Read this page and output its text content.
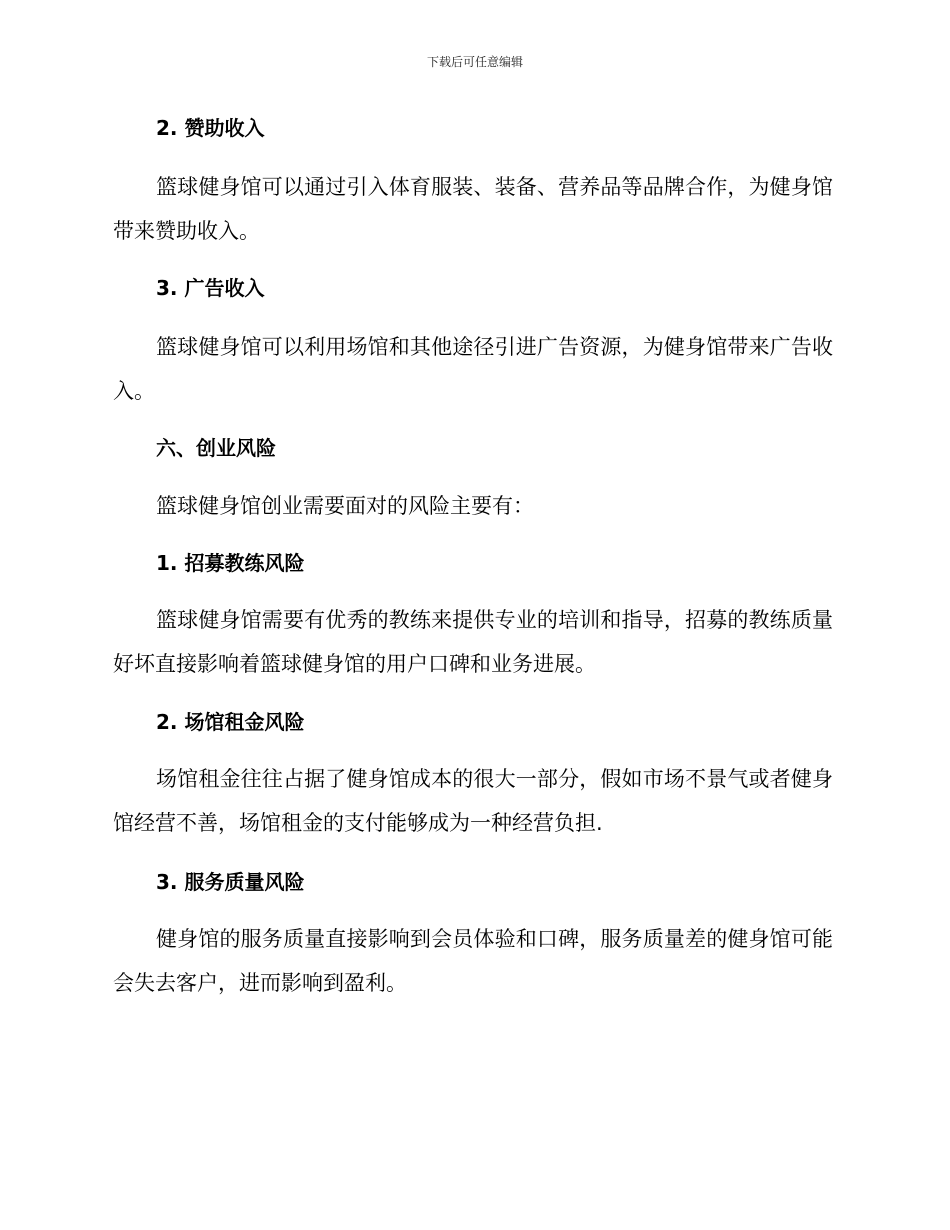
下载后可任意编辑
2. 赞助收入
篮球健身馆可以通过引入体育服装、装备、营养品等品牌合作，为健身馆带来赞助收入。
3. 广告收入
篮球健身馆可以利用场馆和其他途径引进广告资源，为健身馆带来广告收入。
六、创业风险
篮球健身馆创业需要面对的风险主要有：
1. 招募教练风险
篮球健身馆需要有优秀的教练来提供专业的培训和指导，招募的教练质量好坏直接影响着篮球健身馆的用户口碑和业务进展。
2. 场馆租金风险
场馆租金往往占据了健身馆成本的很大一部分，假如市场不景气或者健身馆经营不善，场馆租金的支付能够成为一种经营负担.
3. 服务质量风险
健身馆的服务质量直接影响到会员体验和口碑，服务质量差的健身馆可能会失去客户，进而影响到盈利。
